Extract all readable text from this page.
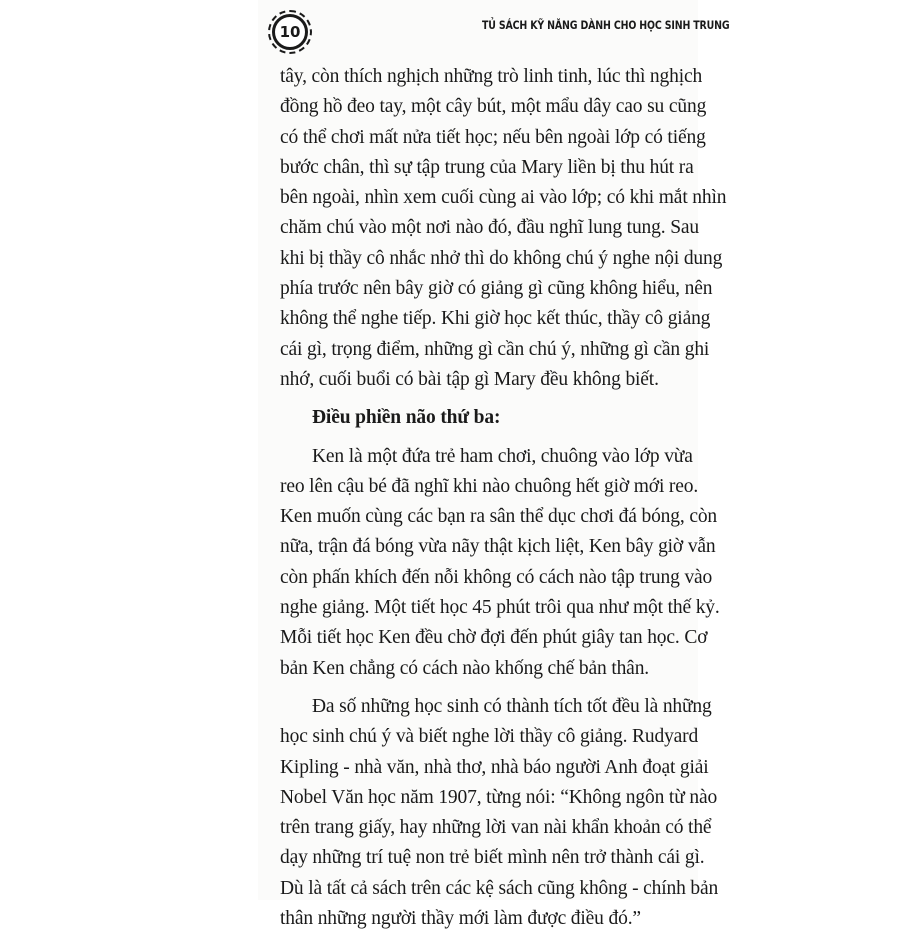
10	TỦ SÁCH KỸ NĂNG DÀNH CHO HỌC SINH TRUNG
tây, còn thích nghịch những trò linh tinh, lúc thì nghịch
đồng hồ đeo tay, một cây bút, một mẩu dây cao su cũng
có thể chơi mất nửa tiết học; nếu bên ngoài lớp có tiếng
bước chân, thì sự tập trung của Mary liền bị thu hút ra
bên ngoài, nhìn xem cuối cùng ai vào lớp; có khi mắt nhìn
chăm chú vào một nơi nào đó, đầu nghĩ lung tung. Sau
khi bị thầy cô nhắc nhở thì do không chú ý nghe nội dung
phía trước nên bây giờ có giảng gì cũng không hiểu, nên
không thể nghe tiếp. Khi giờ học kết thúc, thầy cô giảng
cái gì, trọng điểm, những gì cần chú ý, những gì cần ghi
nhớ, cuối buổi có bài tập gì Mary đều không biết.
Điều phiền não thứ ba:
Ken là một đứa trẻ ham chơi, chuông vào lớp vừa
reo lên cậu bé đã nghĩ khi nào chuông hết giờ mới reo.
Ken muốn cùng các bạn ra sân thể dục chơi đá bóng, còn
nữa, trận đá bóng vừa nãy thật kịch liệt, Ken bây giờ vẫn
còn phấn khích đến nỗi không có cách nào tập trung vào
nghe giảng. Một tiết học 45 phút trôi qua như một thế kỷ.
Mỗi tiết học Ken đều chờ đợi đến phút giây tan học. Cơ
bản Ken chẳng có cách nào khống chế bản thân.
Đa số những học sinh có thành tích tốt đều là những
học sinh chú ý và biết nghe lời thầy cô giảng. Rudyard
Kipling - nhà văn, nhà thơ, nhà báo người Anh đoạt giải
Nobel Văn học năm 1907, từng nói: “Không ngôn từ nào
trên trang giấy, hay những lời van nài khẩn khoản có thể
dạy những trí tuệ non trẻ biết mình nên trở thành cái gì.
Dù là tất cả sách trên các kệ sách cũng không - chính bản
thân những người thầy mới làm được điều đó.”
